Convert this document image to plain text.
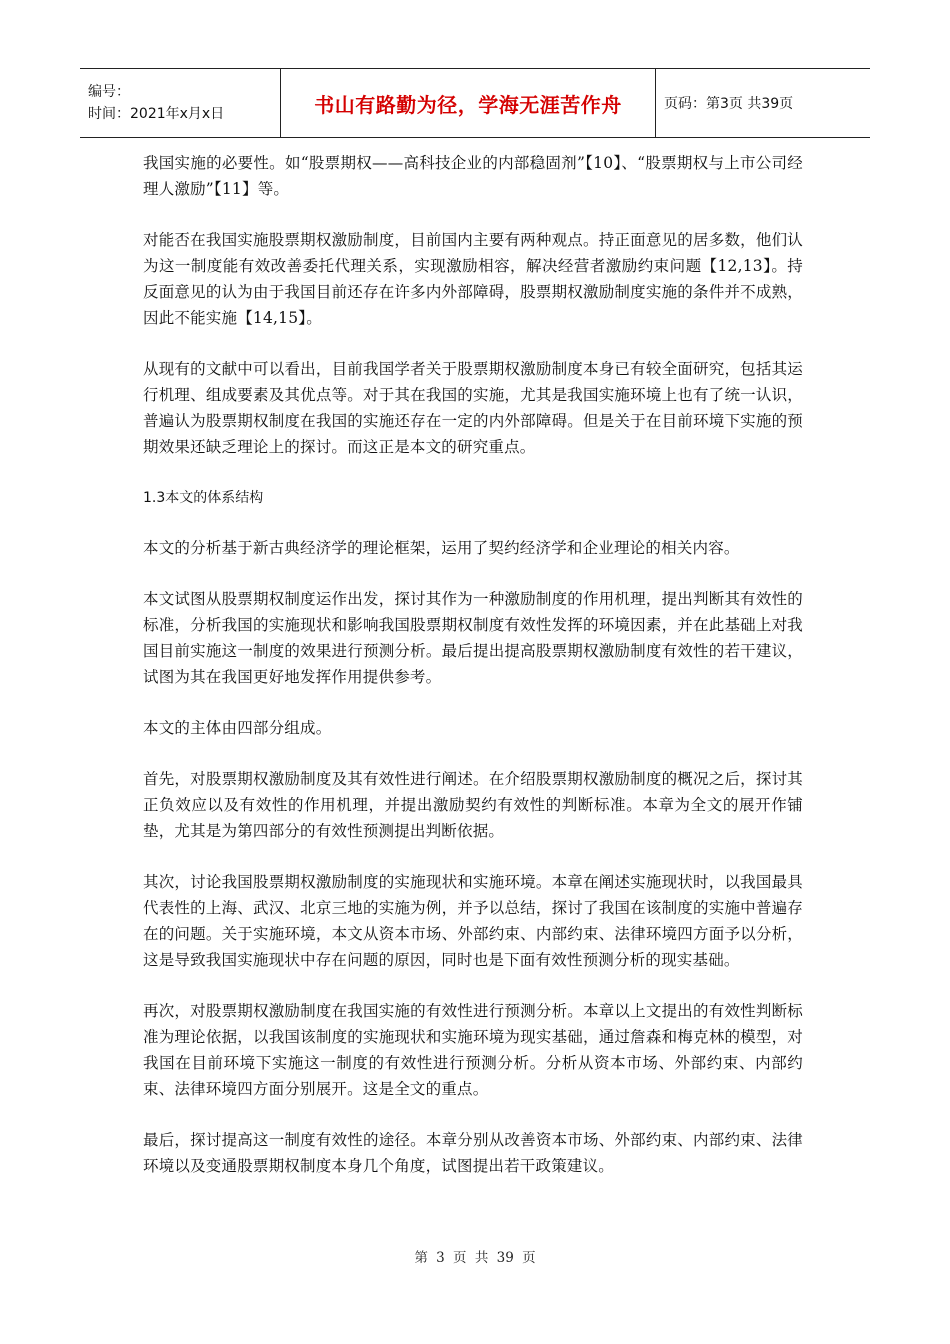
编号：
时间：2021年x月x日	书山有路勤为径，学海无涯苦作舟	页码：第3页 共39页

我国实施的必要性。如“股票期权——高科技企业的内部稳固剂”【10】、“股票期权与上市公司经理人激励”【11】等。

对能否在我国实施股票期权激励制度，目前国内主要有两种观点。持正面意见的居多数，他们认为这一制度能有效改善委托代理关系，实现激励相容，解决经营者激励约束问题【12,13】。持反面意见的认为由于我国目前还存在许多内外部障碍，股票期权激励制度实施的条件并不成熟，因此不能实施【14,15】。

从现有的文献中可以看出，目前我国学者关于股票期权激励制度本身已有较全面研究，包括其运行机理、组成要素及其优点等。对于其在我国的实施，尤其是我国实施环境上也有了统一认识，普遍认为股票期权制度在我国的实施还存在一定的内外部障碍。但是关于在目前环境下实施的预期效果还缺乏理论上的探讨。而这正是本文的研究重点。

1.3本文的体系结构

本文的分析基于新古典经济学的理论框架，运用了契约经济学和企业理论的相关内容。

本文试图从股票期权制度运作出发，探讨其作为一种激励制度的作用机理，提出判断其有效性的标准，分析我国的实施现状和影响我国股票期权制度有效性发挥的环境因素，并在此基础上对我国目前实施这一制度的效果进行预测分析。最后提出提高股票期权激励制度有效性的若干建议，试图为其在我国更好地发挥作用提供参考。

本文的主体由四部分组成。

首先，对股票期权激励制度及其有效性进行阐述。在介绍股票期权激励制度的概况之后，探讨其正负效应以及有效性的作用机理，并提出激励契约有效性的判断标准。本章为全文的展开作铺垫，尤其是为第四部分的有效性预测提出判断依据。

其次，讨论我国股票期权激励制度的实施现状和实施环境。本章在阐述实施现状时，以我国最具代表性的上海、武汉、北京三地的实施为例，并予以总结，探讨了我国在该制度的实施中普遍存在的问题。关于实施环境，本文从资本市场、外部约束、内部约束、法律环境四方面予以分析，这是导致我国实施现状中存在问题的原因，同时也是下面有效性预测分析的现实基础。

再次，对股票期权激励制度在我国实施的有效性进行预测分析。本章以上文提出的有效性判断标准为理论依据，以我国该制度的实施现状和实施环境为现实基础，通过詹森和梅克林的模型，对我国在目前环境下实施这一制度的有效性进行预测分析。分析从资本市场、外部约束、内部约束、法律环境四方面分别展开。这是全文的重点。

最后，探讨提高这一制度有效性的途径。本章分别从改善资本市场、外部约束、内部约束、法律环境以及变通股票期权制度本身几个角度，试图提出若干政策建议。

第 3 页 共 39 页
